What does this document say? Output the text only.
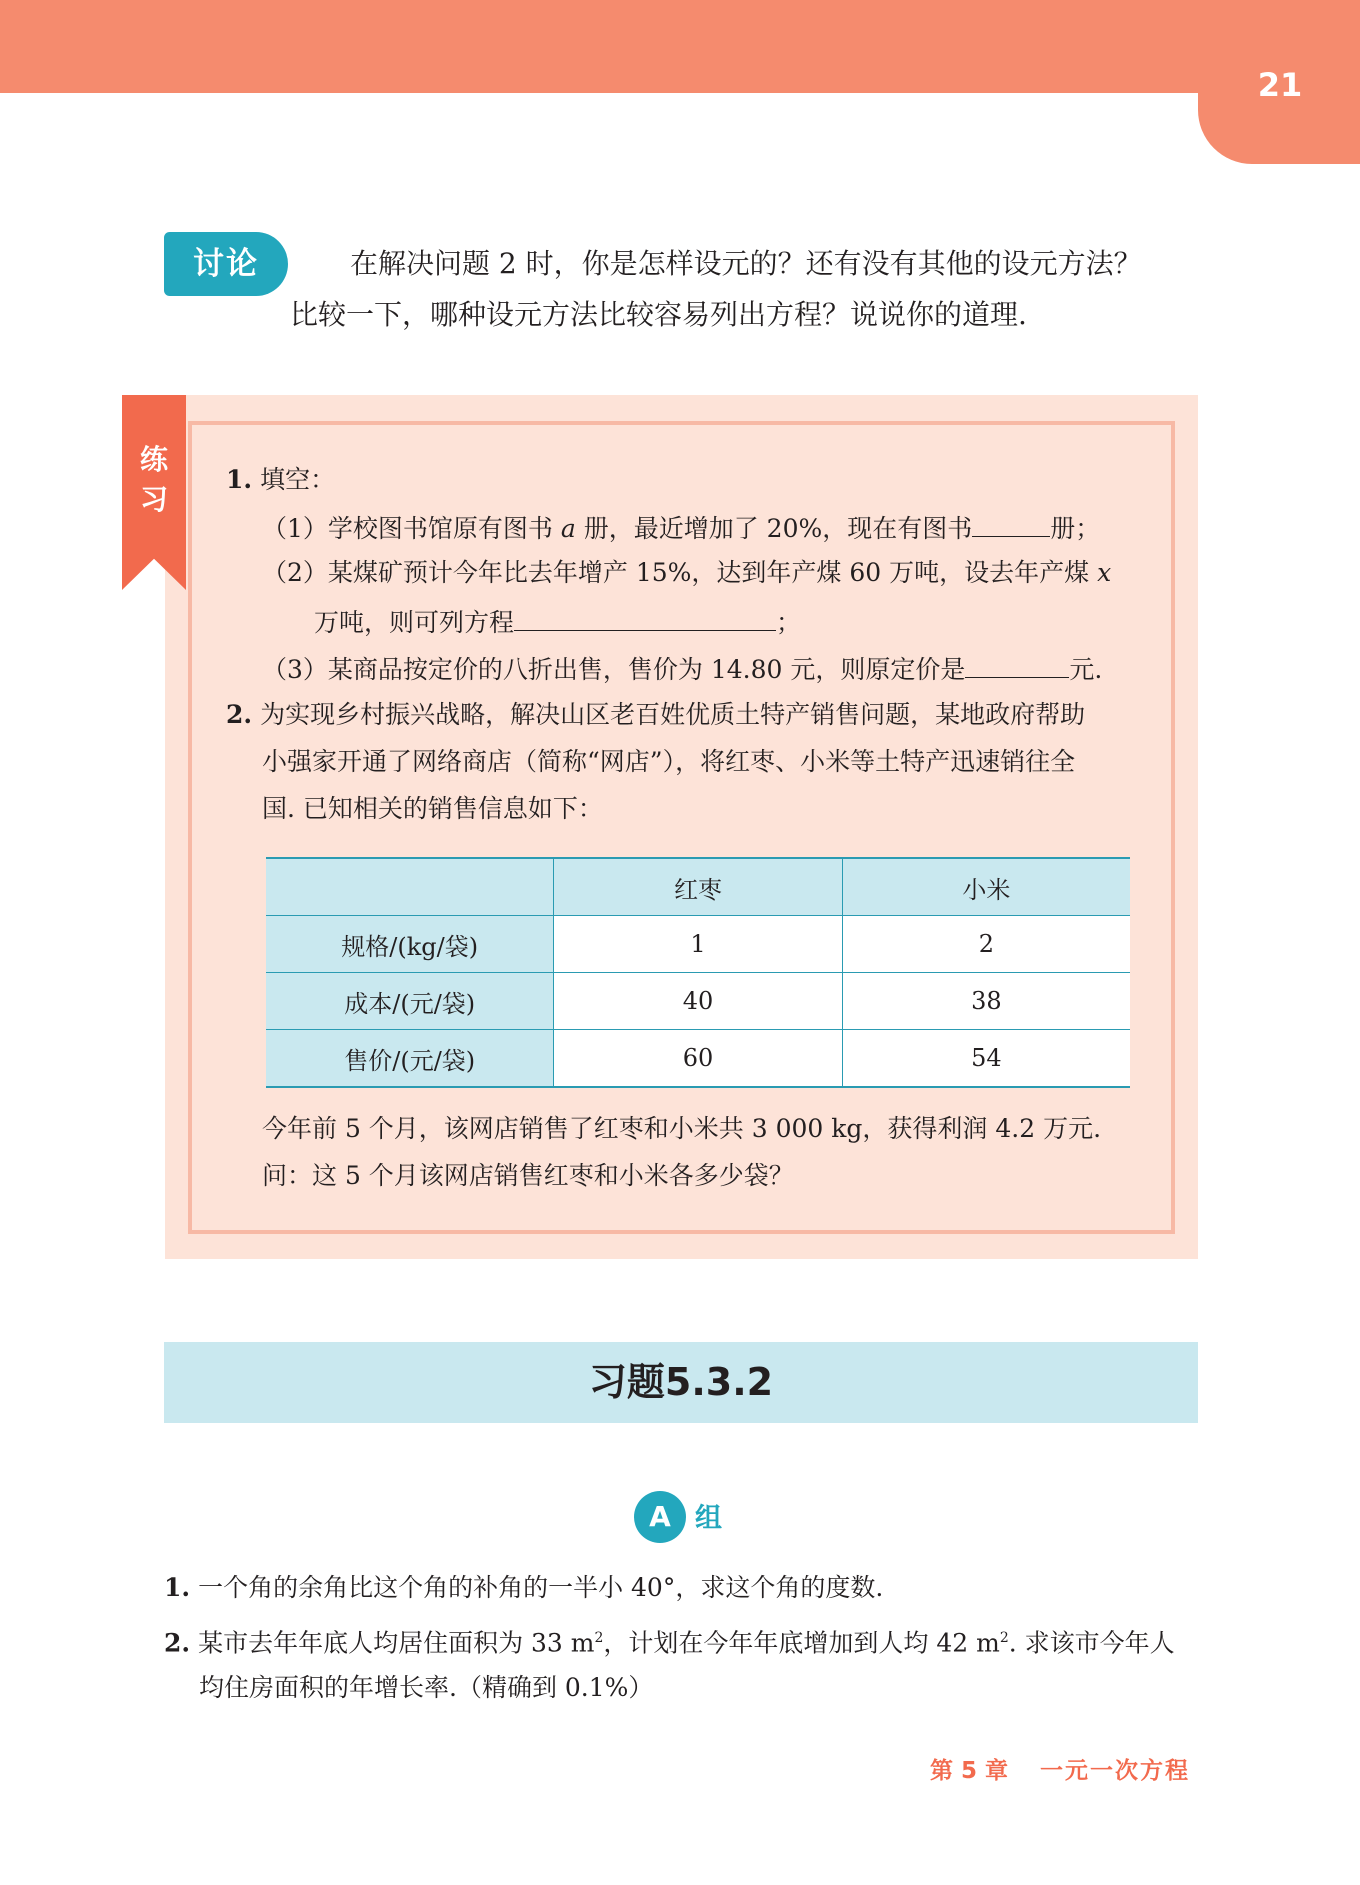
21
讨论	在解决问题 2 时，你是怎样设元的？还有没有其他的设元方法？
比较一下，哪种设元方法比较容易列出方程？说说你的道理.
练
习
1. 填空：
（1）学校图书馆原有图书 a 册，最近增加了 20%，现在有图书	册；
（2）某煤矿预计今年比去年增产 15%，达到年产煤 60 万吨，设去年产煤 x
万吨，则可列方程	；
（3）某商品按定价的八折出售，售价为 14.80 元，则原定价是	元.
2. 为实现乡村振兴战略，解决山区老百姓优质土特产销售问题，某地政府帮助
小强家开通了网络商店（简称“网店”），将红枣、小米等土特产迅速销往全
国. 已知相关的销售信息如下：
	红枣	小米
规格/(kg/袋)	1	2
成本/(元/袋)	40	38
售价/(元/袋)	60	54
今年前 5 个月，该网店销售了红枣和小米共 3 000 kg，获得利润 4.2 万元.
问：这 5 个月该网店销售红枣和小米各多少袋？
习题5.3.2
A 组
1. 一个角的余角比这个角的补角的一半小 40°，求这个角的度数.
2. 某市去年年底人均居住面积为 33 $m^2$，计划在今年年底增加到人均 42 $m^2$. 求该市今年人
均住房面积的年增长率.（精确到 0.1%）
第 5 章 一元一次方程
